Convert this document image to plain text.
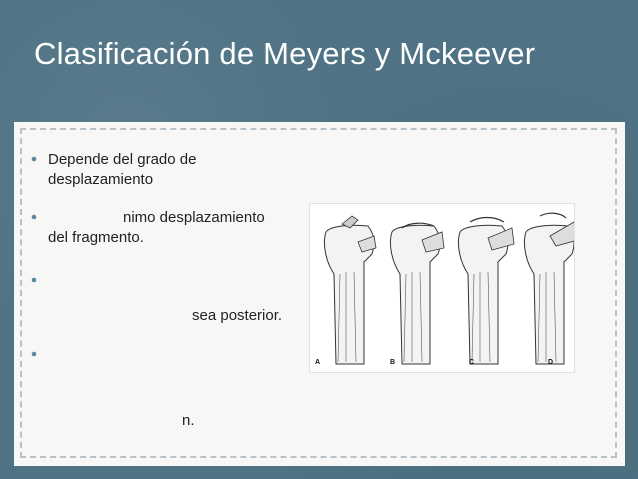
Clasificación de Meyers y Mckeever
Depende del grado de
desplazamiento
nimo desplazamiento
del fragmento.
sea posterior.
n.
A	B	C	D
